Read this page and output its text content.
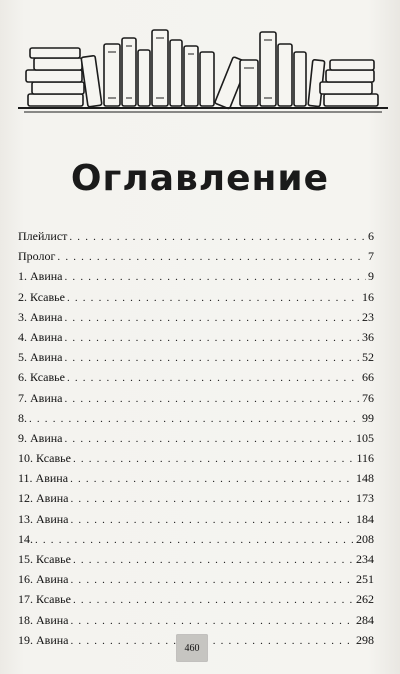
Оглавление
Плейлист . . .	6
Пролог . . .	7
1. Авина . . .	9
2. Ксавье . . .	16
3. Авина . . .	23
4. Авина . . .	36
5. Авина . . .	52
6. Ксавье . . .	66
7. Авина . . .	76
8. . . .	99
9. Авина . . .	105
10. Ксавье . . .	116
11. Авина . . .	148
12. Авина . . .	173
13. Авина . . .	184
14. . . .	208
15. Ксавье . . .	234
16. Авина . . .	251
17. Ксавье . . .	262
18. Авина . . .	284
19. Авина . . .	298
460
